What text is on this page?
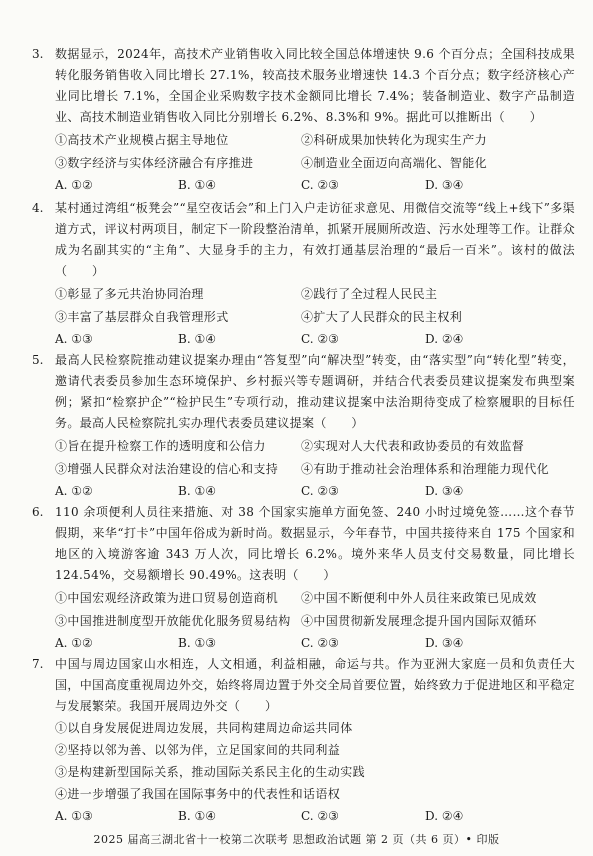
3. 数据显示，2024年，高技术产业销售收入同比较全国总体增速快 9.6 个百分点；全国科技成果转化服务销售收入同比增长 27.1%，较高技术服务业增速快 14.3 个百分点；数字经济核心产业同比增长 7.1%，全国企业采购数字技术金额同比增长 7.4%；装备制造业、数字产品制造业、高技术制造业销售收入同比分别增长 6.2%、8.3%和 9%。据此可以推断出（　　）
①高技术产业规模占据主导地位	②科研成果加快转化为现实生产力
③数字经济与实体经济融合有序推进	④制造业全面迈向高端化、智能化
A. ①②	B. ①④	C. ②③	D. ③④
4. 某村通过湾组“板凳会”“星空夜话会”和上门入户走访征求意见、用微信交流等“线上+线下”多渠道方式，评议村两项目，制定下一阶段整治清单，抓紧开展厕所改造、污水处理等工作。让群众成为名副其实的“主角”、大显身手的主力，有效打通基层治理的“最后一百米”。该村的做法（　　）
①彰显了多元共治协同治理	②践行了全过程人民民主
③丰富了基层群众自我管理形式	④扩大了人民群众的民主权利
A. ①③	B. ①④	C. ②③	D. ②④
5. 最高人民检察院推动建议提案办理由“答复型”向“解决型”转变，由“落实型”向“转化型”转变，邀请代表委员参加生态环境保护、乡村振兴等专题调研，并结合代表委员建议提案发布典型案例；紧扣“检察护企”“检护民生”专项行动，推动建议提案中法治期待变成了检察履职的目标任务。最高人民检察院扎实办理代表委员建议提案（　　）
①旨在提升检察工作的透明度和公信力	②实现对人大代表和政协委员的有效监督
③增强人民群众对法治建设的信心和支持 ④有助于推动社会治理体系和治理能力现代化
A. ①②	B. ①④	C. ②③	D. ③④
6. 110 余项便利人员往来措施、对 38 个国家实施单方面免签、240 小时过境免签……这个春节假期，来华“打卡”中国年俗成为新时尚。数据显示，今年春节，中国共接待来自 175 个国家和地区的入境游客逾 343 万人次，同比增长 6.2%。境外来华人员支付交易数量，同比增长 124.54%，交易额增长 90.49%。这表明（　　）
①中国宏观经济政策为进口贸易创造商机 ②中国不断便利中外人员往来政策已见成效
③中国推进制度型开放能优化服务贸易结构 ④中国贯彻新发展理念提升国内国际双循环
A. ①②	B. ①③	C. ②③	D. ③④
7. 中国与周边国家山水相连，人文相通，利益相融，命运与共。作为亚洲大家庭一员和负责任大国，中国高度重视周边外交，始终将周边置于外交全局首要位置，始终致力于促进地区和平稳定与发展繁荣。我国开展周边外交（　　）
①以自身发展促进周边发展，共同构建周边命运共同体
②坚持以邻为善、以邻为伴，立足国家间的共同利益
③是构建新型国际关系，推动国际关系民主化的生动实践
④进一步增强了我国在国际事务中的代表性和话语权
A. ①③	B. ①④	C. ②③	D. ②④
2025 届高三湖北省十一校第二次联考 思想政治试题 第 2 页（共 6 页）• 印版
